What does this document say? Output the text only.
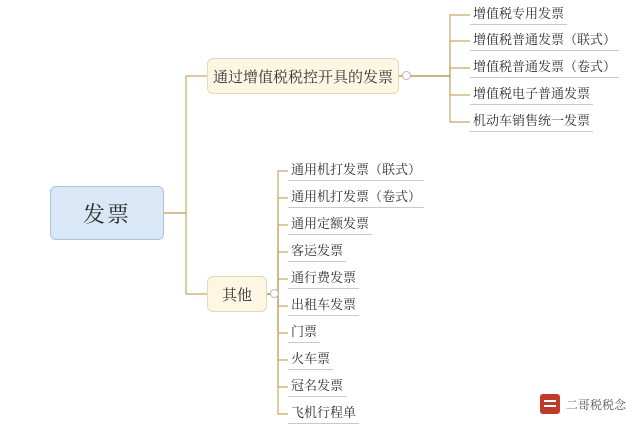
发票
通过增值税税控开具的发票
增值税专用发票
增值税普通发票（联式）
增值税普通发票（卷式）
增值税电子普通发票
机动车销售统一发票
其他
通用机打发票（联式）
通用机打发票（卷式）
通用定额发票
客运发票
通行费发票
出租车发票
门票
火车票
冠名发票
飞机行程单
二哥税税念
